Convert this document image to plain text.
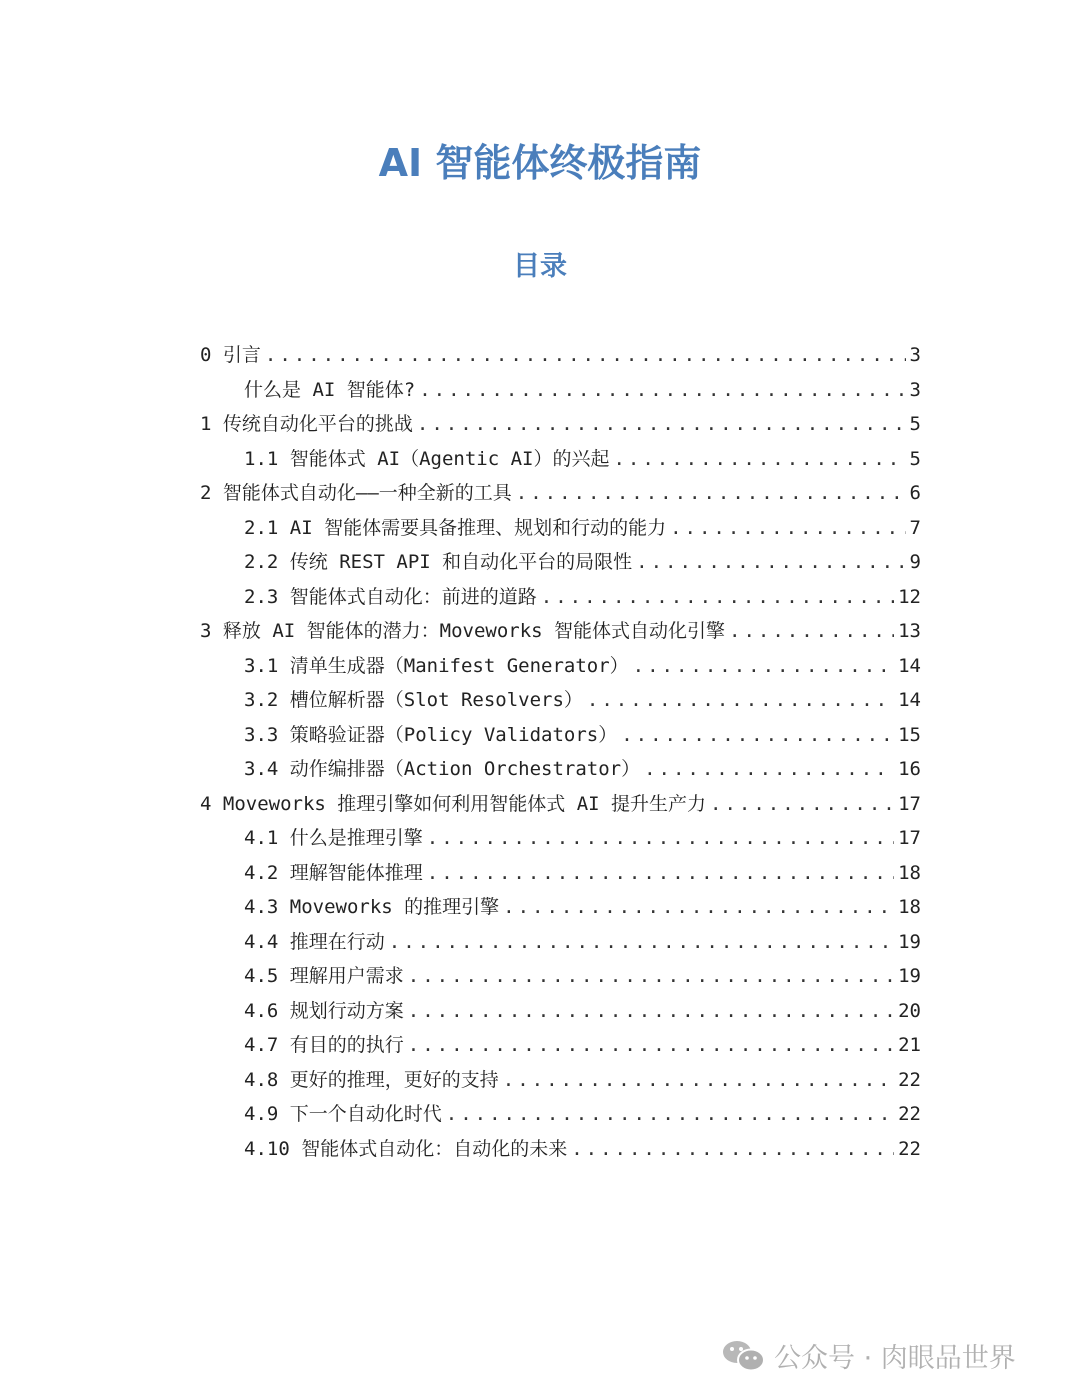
AI 智能体终极指南
目录
0 引言 .....	3
什么是 AI 智能体? .....	3
1 传统自动化平台的挑战 .....	5
1.1 智能体式 AI（Agentic AI）的兴起 .....	5
2 智能体式自动化——一种全新的工具 .....	6
2.1 AI 智能体需要具备推理、规划和行动的能力 .....	7
2.2 传统 REST API 和自动化平台的局限性 .....	9
2.3 智能体式自动化：前进的道路 .....	12
3 释放 AI 智能体的潜力：Moveworks 智能体式自动化引擎 .....	13
3.1 清单生成器（Manifest Generator） .....	14
3.2 槽位解析器（Slot Resolvers） .....	14
3.3 策略验证器（Policy Validators） .....	15
3.4 动作编排器（Action Orchestrator） .....	16
4 Moveworks 推理引擎如何利用智能体式 AI 提升生产力 .....	17
4.1 什么是推理引擎 .....	17
4.2 理解智能体推理 .....	18
4.3 Moveworks 的推理引擎 .....	18
4.4 推理在行动 .....	19
4.5 理解用户需求 .....	19
4.6 规划行动方案 .....	20
4.7 有目的的执行 .....	21
4.8 更好的推理，更好的支持 .....	22
4.9 下一个自动化时代 .....	22
4.10 智能体式自动化：自动化的未来 .....	22
公众号 · 肉眼品世界
